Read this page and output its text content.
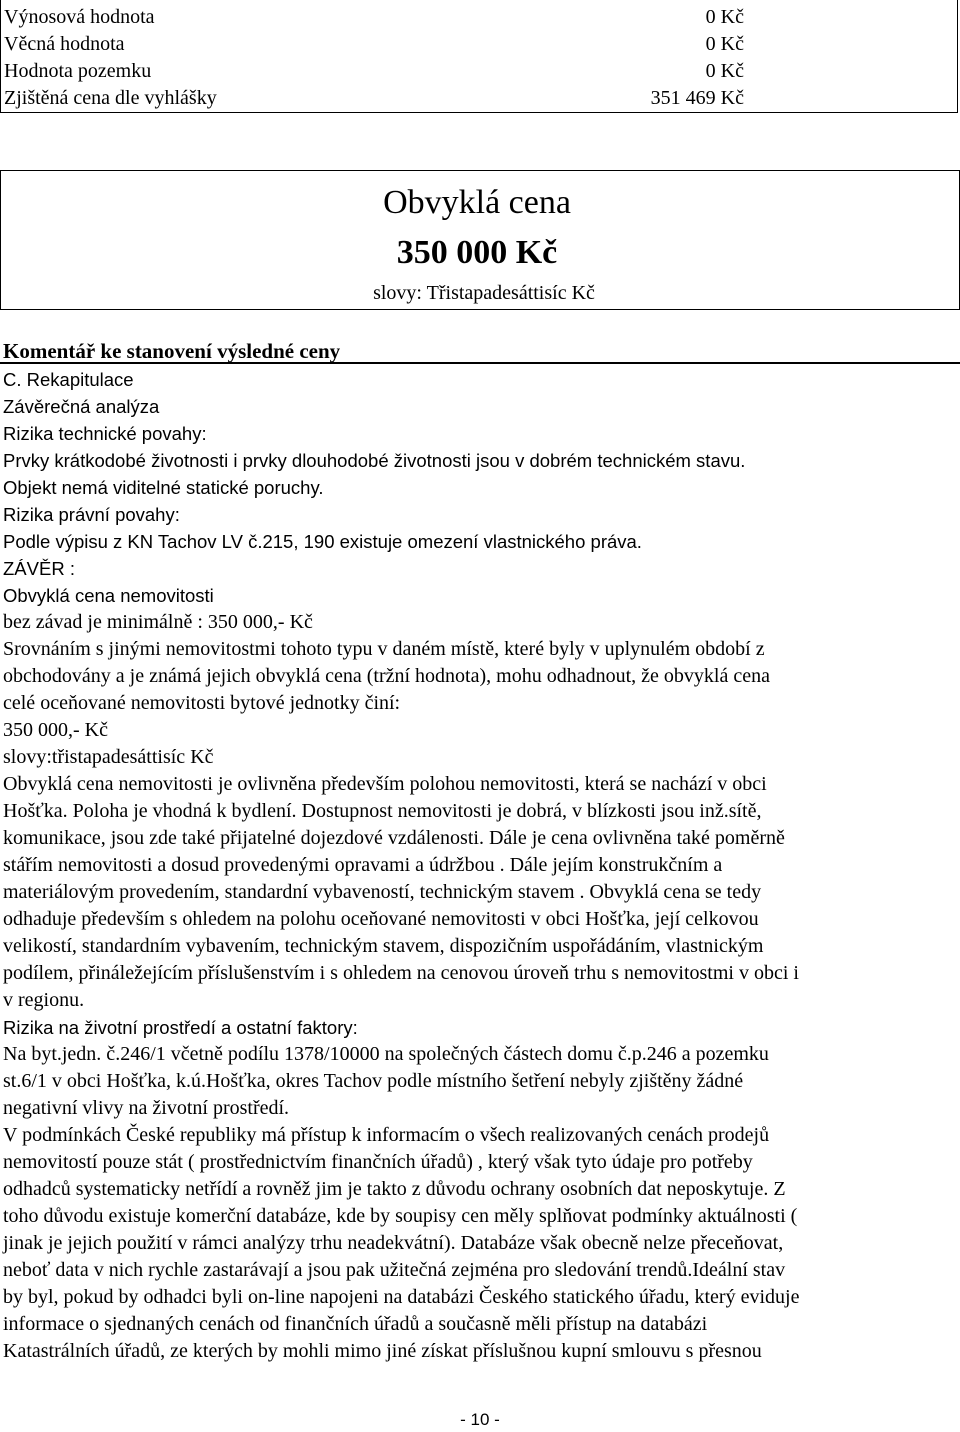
Výnosová hodnota	0 Kč
Věcná hodnota	0 Kč
Hodnota pozemku	0 Kč
Zjištěná cena dle vyhlášky	351 469 Kč
Obvyklá cena
350 000 Kč
slovy: Třistapadesáttisíc Kč
Komentář ke stanovení výsledné ceny
C. Rekapitulace
Závěrečná analýza
Rizika technické povahy:
Prvky krátkodobé životnosti i prvky dlouhodobé životnosti jsou v dobrém technickém stavu.
Objekt nemá viditelné statické poruchy.
Rizika právní povahy:
Podle výpisu z KN Tachov LV č.215, 190 existuje omezení vlastnického práva.
ZÁVĚR :
Obvyklá cena nemovitosti
bez závad je minimálně : 350 000,- Kč
Srovnáním s jinými nemovitostmi tohoto typu v daném místě, které byly v uplynulém období z
obchodovány a je známá jejich obvyklá cena (tržní hodnota), mohu odhadnout, že obvyklá cena
celé oceňované nemovitosti bytové jednotky činí:
350 000,- Kč
slovy:třistapadesáttisíc Kč
Obvyklá cena nemovitosti je ovlivněna především polohou nemovitosti, která se nachází v obci
Hošťka. Poloha je vhodná k bydlení. Dostupnost nemovitosti je dobrá, v blízkosti jsou inž.sítě,
komunikace, jsou zde také přijatelné dojezdové vzdálenosti. Dále je cena ovlivněna také poměrně
stářím nemovitosti a dosud provedenými opravami a údržbou . Dále jejím konstrukčním a
materiálovým provedením, standardní vybaveností, technickým stavem . Obvyklá cena se tedy
odhaduje především s ohledem na polohu oceňované nemovitosti v obci Hošťka, její celkovou
velikostí, standardním vybavením, technickým stavem, dispozičním uspořádáním, vlastnickým
podílem, přináležejícím příslušenstvím i s ohledem na cenovou úroveň trhu s nemovitostmi v obci i
v regionu.
Rizika na životní prostředí a ostatní faktory:
Na byt.jedn. č.246/1 včetně podílu 1378/10000 na společných částech domu č.p.246 a pozemku
st.6/1 v obci Hošťka, k.ú.Hošťka, okres Tachov podle místního šetření nebyly zjištěny žádné
negativní vlivy na životní prostředí.
V podmínkách České republiky má přístup k informacím o všech realizovaných cenách prodejů
nemovitostí pouze stát ( prostřednictvím finančních úřadů) , který však tyto údaje pro potřeby
odhadců systematicky netřídí a rovněž jim je takto z důvodu ochrany osobních dat neposkytuje. Z
toho důvodu existuje komerční databáze, kde by soupisy cen měly splňovat podmínky aktuálnosti (
jinak je jejich použití v rámci analýzy trhu neadekvátní). Databáze však obecně nelze přeceňovat,
neboť data v nich rychle zastarávají a jsou pak užitečná zejména pro sledování trendů.Ideální stav
by byl, pokud by odhadci byli on-line napojeni na databázi Českého statického úřadu, který eviduje
informace o sjednaných cenách od finančních úřadů a současně měli přístup na databázi
Katastrálních úřadů, ze kterých by mohli mimo jiné získat příslušnou kupní smlouvu s přesnou
- 10 -
